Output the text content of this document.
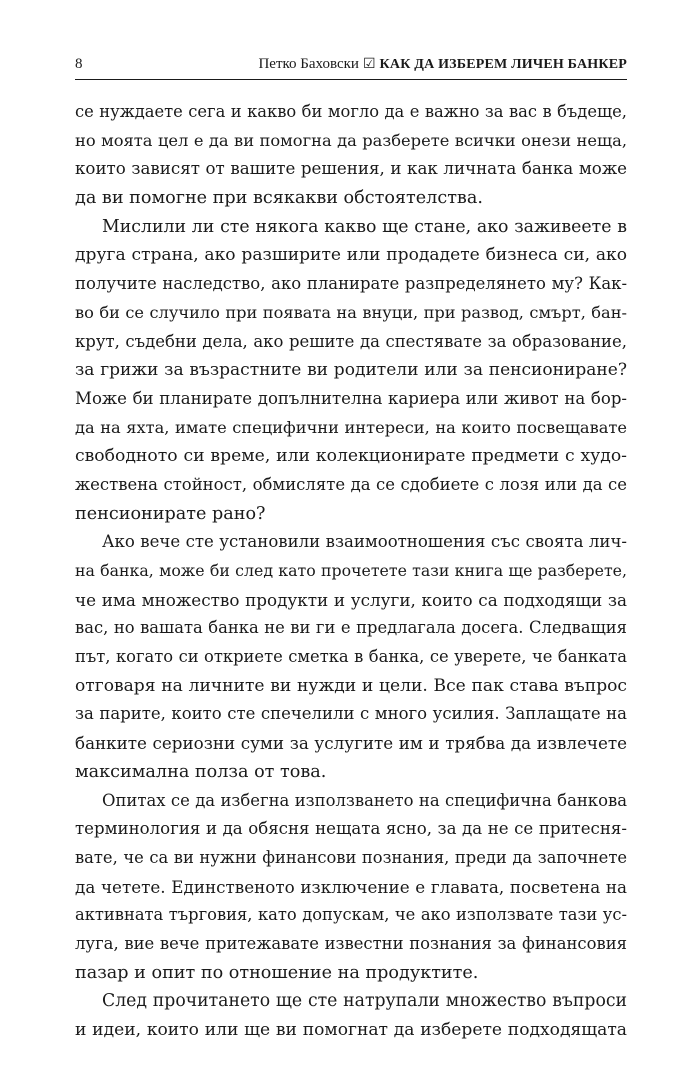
8	Петко Баховски ☑ КАК ДА ИЗБЕРЕМ ЛИЧЕН БАНКЕР

се нуждаете сега и какво би могло да е важно за вас в бъдеще,
но моята цел е да ви помогна да разберете всички онези неща,
които зависят от вашите решения, и как личната банка може
да ви помогне при всякакви обстоятелства.

Мислили ли сте някога какво ще стане, ако заживеете в
друга страна, ако разширите или продадете бизнеса си, ако
получите наследство, ако планирате разпределянето му? Как-
во би се случило при появата на внуци, при развод, смърт, бан-
крут, съдебни дела, ако решите да спестявате за образование,
за грижи за възрастните ви родители или за пенсиониране?
Може би планирате допълнителна кариера или живот на бор-
да на яхта, имате специфични интереси, на които посвещавате
свободното си време, или колекционирате предмети с худо-
жествена стойност, обмисляте да се сдобиете с лозя или да се
пенсионирате рано?

Ако вече сте установили взаимоотношения със своята лич-
на банка, може би след като прочетете тази книга ще разберете,
че има множество продукти и услуги, които са подходящи за
вас, но вашата банка не ви ги е предлагала досега. Следващия
път, когато си откриете сметка в банка, се уверете, че банката
отговаря на личните ви нужди и цели. Все пак става въпрос
за парите, които сте спечелили с много усилия. Заплащате на
банките сериозни суми за услугите им и трябва да извлечете
максимална полза от това.

Опитах се да избегна използването на специфична банкова
терминология и да обясня нещата ясно, за да не се притесня-
вате, че са ви нужни финансови познания, преди да започнете
да четете. Единственото изключение е главата, посветена на
активната търговия, като допускам, че ако използвате тази ус-
луга, вие вече притежавате известни познания за финансовия
пазар и опит по отношение на продуктите.

След прочитането ще сте натрупали множество въпроси
и идеи, които или ще ви помогнат да изберете подходящата
